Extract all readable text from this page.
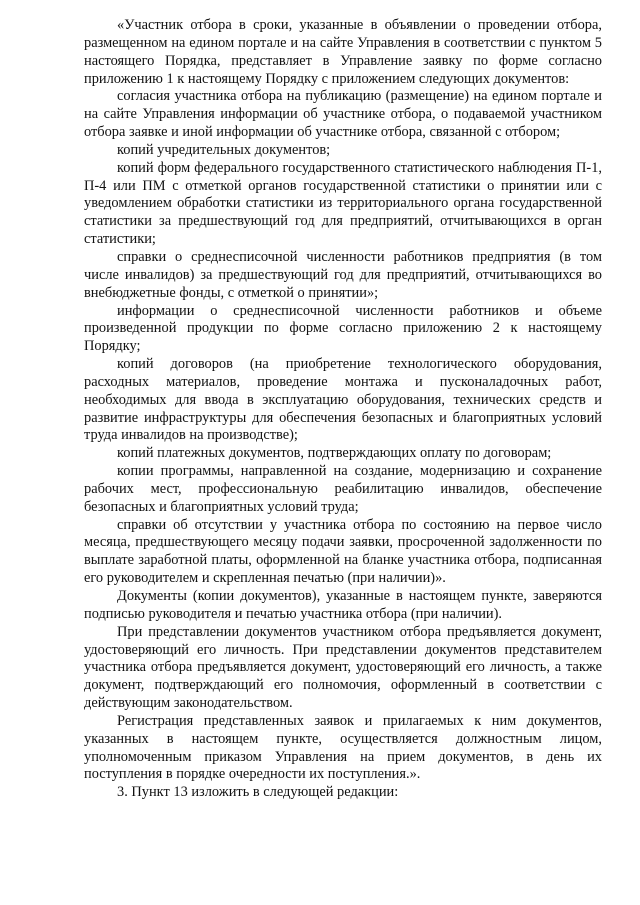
«Участник отбора в сроки, указанные в объявлении о проведении отбора, размещенном на едином портале и на сайте Управления в соответствии с пунктом 5 настоящего Порядка, представляет в Управление заявку по форме согласно приложению 1 к настоящему Порядку с приложением следующих документов:

согласия участника отбора на публикацию (размещение) на едином портале и на сайте Управления информации об участнике отбора, о подаваемой участником отбора заявке и иной информации об участнике отбора, связанной с отбором;

копий учредительных документов;

копий форм федерального государственного статистического наблюдения П-1, П-4 или ПМ с отметкой органов государственной статистики о принятии или с уведомлением обработки статистики из территориального органа государственной статистики за предшествующий год для предприятий, отчитывающихся в орган статистики;

справки о среднесписочной численности работников предприятия (в том числе инвалидов) за предшествующий год для предприятий, отчитывающихся во внебюджетные фонды, с отметкой о принятии»;

информации о среднесписочной численности работников и объеме произведенной продукции по форме согласно приложению 2 к настоящему Порядку;

копий договоров (на приобретение технологического оборудования, расходных материалов, проведение монтажа и пусконаладочных работ, необходимых для ввода в эксплуатацию оборудования, технических средств и развитие инфраструктуры для обеспечения безопасных и благоприятных условий труда инвалидов на производстве);

копий платежных документов, подтверждающих оплату по договорам;

копии программы, направленной на создание, модернизацию и сохранение рабочих мест, профессиональную реабилитацию инвалидов, обеспечение безопасных и благоприятных условий труда;

справки об отсутствии у участника отбора по состоянию на первое число месяца, предшествующего месяцу подачи заявки, просроченной задолженности по выплате заработной платы, оформленной на бланке участника отбора, подписанная его руководителем и скрепленная печатью (при наличии)».

Документы (копии документов), указанные в настоящем пункте, заверяются подписью руководителя и печатью участника отбора (при наличии).

При представлении документов участником отбора предъявляется документ, удостоверяющий его личность. При представлении документов представителем участника отбора предъявляется документ, удостоверяющий его личность, а также документ, подтверждающий его полномочия, оформленный в соответствии с действующим законодательством.

Регистрация представленных заявок и прилагаемых к ним документов, указанных в настоящем пункте, осуществляется должностным лицом, уполномоченным приказом Управления на прием документов, в день их поступления в порядке очередности их поступления.».

3. Пункт 13 изложить в следующей редакции:
